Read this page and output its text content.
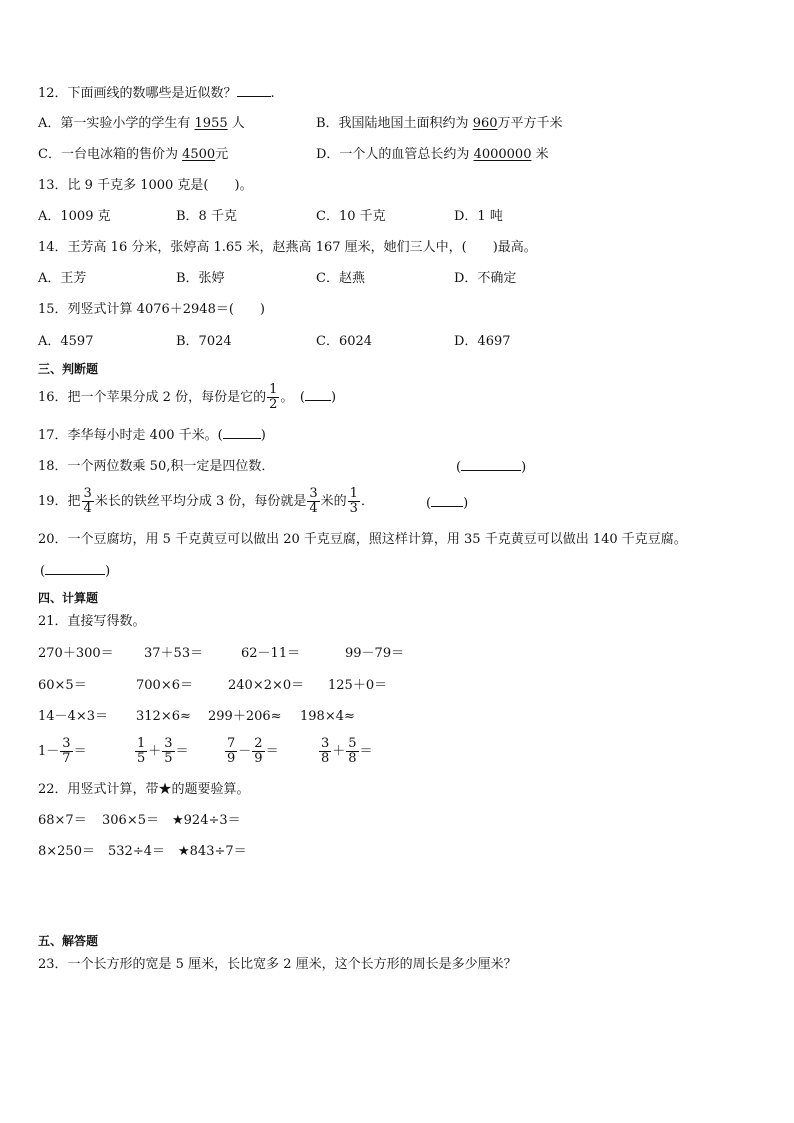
12．下面画线的数哪些是近似数？	.
A．第一实验小学的学生有 1955 人	B．我国陆地国土面积约为 960万平方千米
C．一台电冰箱的售价为 4500元	D．一个人的血管总长约为 4000000 米
13．比 9 千克多 1000 克是(　　)。
A．1009 克	B．8 千克	C．10 千克	D．1 吨
14．王芳高 16 分米，张婷高 1.65 米，赵燕高 167 厘米，她们三人中，(　　)最高。
A．王芳	B．张婷	C．赵燕	D．不确定
15．列竖式计算 4076＋2948＝(　　)
A．4597	B．7024	C．6024	D．4697
三、判断题
16．把一个苹果分成 2 份，每份是它的 $\frac{1}{2}$ 。　( )
17．李华每小时走 400 千米。(	)
18．一个两位数乘 50,积一定是四位数．	(	)
19．把 $\frac{3}{4}$ 米长的铁丝平均分成 3 份，每份就是 $\frac{3}{4}$ 米的 $\frac{1}{3}$ ．	( )
20．一个豆腐坊，用 5 千克黄豆可以做出 20 千克豆腐，照这样计算，用 35 千克黄豆可以做出 140 千克豆腐。
(	)
四、计算题
21．直接写得数。
270＋300＝ 37＋53＝	62－11＝	99－79＝
60×5＝	700×6＝	240×2×0＝ 125＋0＝
14－4×3＝ 312×6≈ 299＋206≈ 198×4≈
$1- \frac{3}{7}$ ＝	$\frac{1}{5} + \frac{3}{5}$ ＝	$\frac{7}{9} - \frac{2}{9}$ ＝	$\frac{3}{8} + \frac{5}{8}$ ＝
22．用竖式计算，带★的题要验算。
68×7＝ 306×5＝ ★924÷3＝
8×250＝ 532÷4＝ ★843÷7＝
五、解答题
23．一个长方形的宽是 5 厘米，长比宽多 2 厘米，这个长方形的周长是多少厘米？
